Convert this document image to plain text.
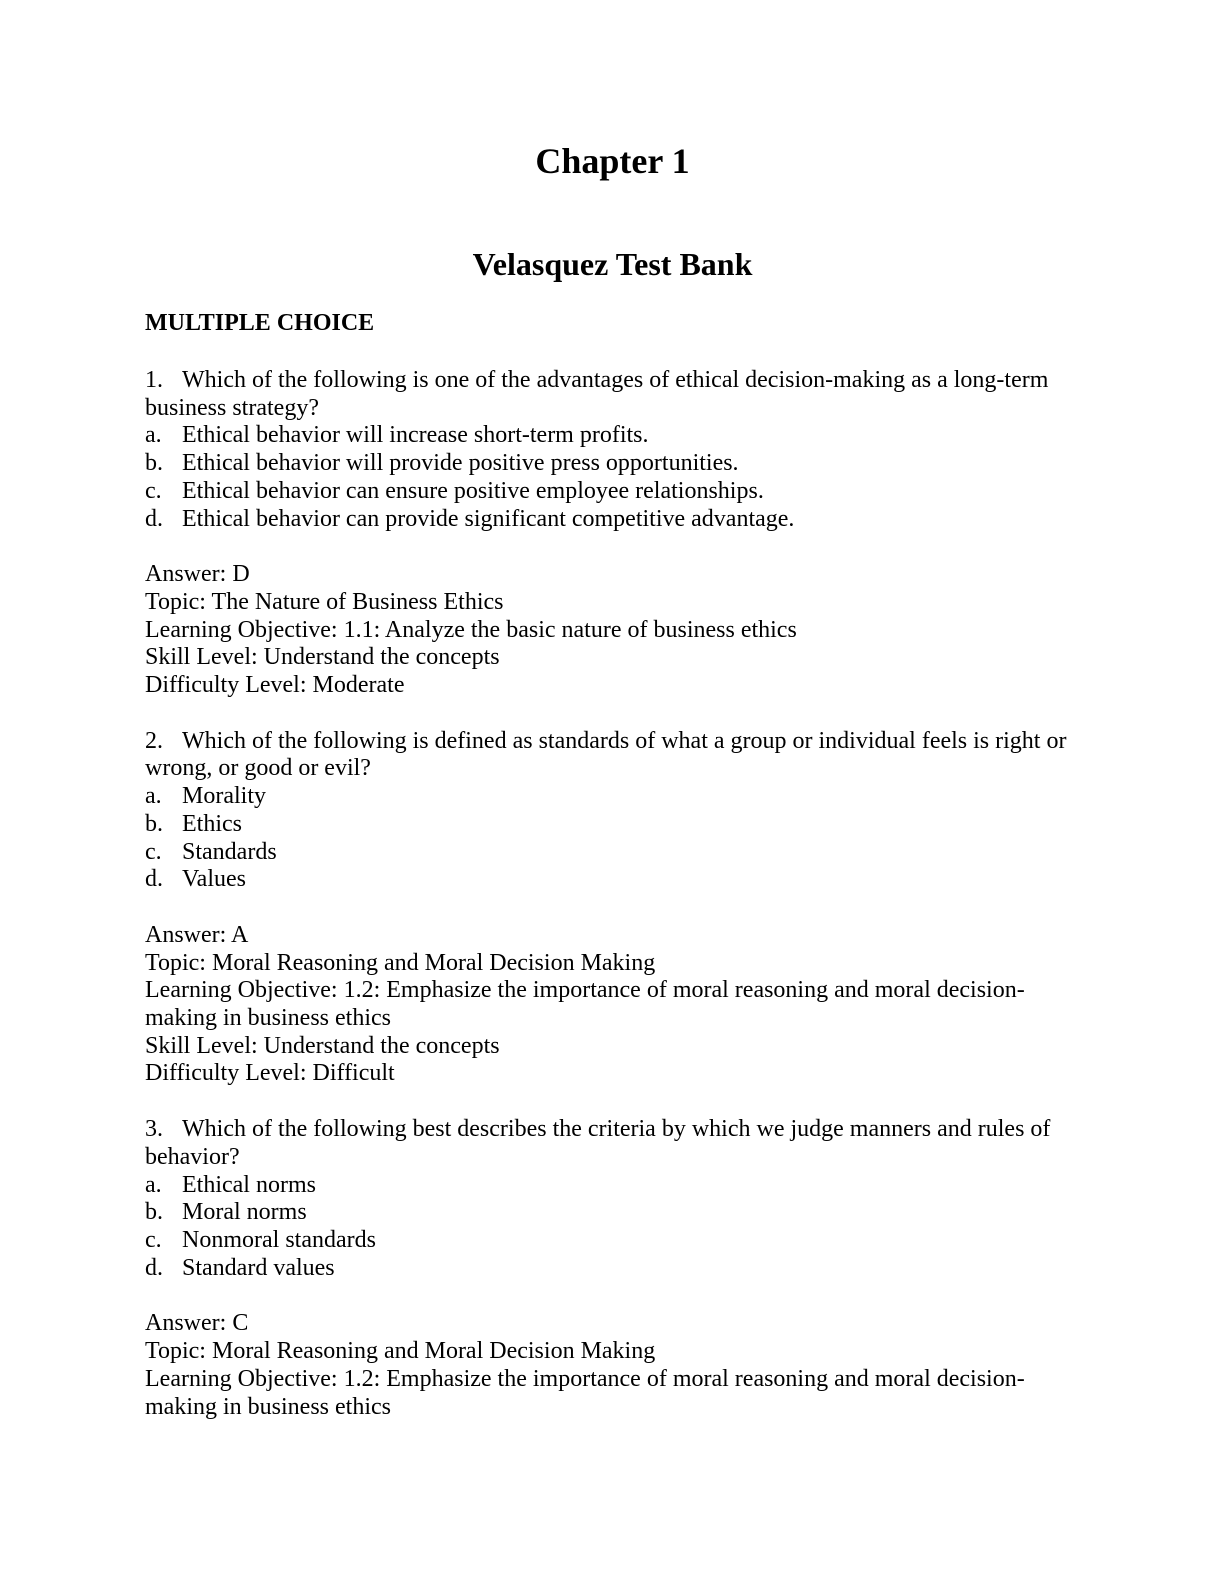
Chapter 1
Velasquez Test Bank
MULTIPLE CHOICE

1. Which of the following is one of the advantages of ethical decision-making as a long-term business strategy?

a. Ethical behavior will increase short-term profits.

b. Ethical behavior will provide positive press opportunities.

c. Ethical behavior can ensure positive employee relationships.

d. Ethical behavior can provide significant competitive advantage.

Answer: D

Topic: The Nature of Business Ethics

Learning Objective: 1.1: Analyze the basic nature of business ethics

Skill Level: Understand the concepts

Difficulty Level: Moderate

2. Which of the following is defined as standards of what a group or individual feels is right or wrong, or good or evil?

a. Morality

b. Ethics

c. Standards

d. Values

Answer: A

Topic: Moral Reasoning and Moral Decision Making

Learning Objective: 1.2: Emphasize the importance of moral reasoning and moral decision-making in business ethics

Skill Level: Understand the concepts

Difficulty Level: Difficult

3. Which of the following best describes the criteria by which we judge manners and rules of behavior?

a. Ethical norms

b. Moral norms

c. Nonmoral standards

d. Standard values

Answer: C

Topic: Moral Reasoning and Moral Decision Making

Learning Objective: 1.2: Emphasize the importance of moral reasoning and moral decision-making in business ethics
